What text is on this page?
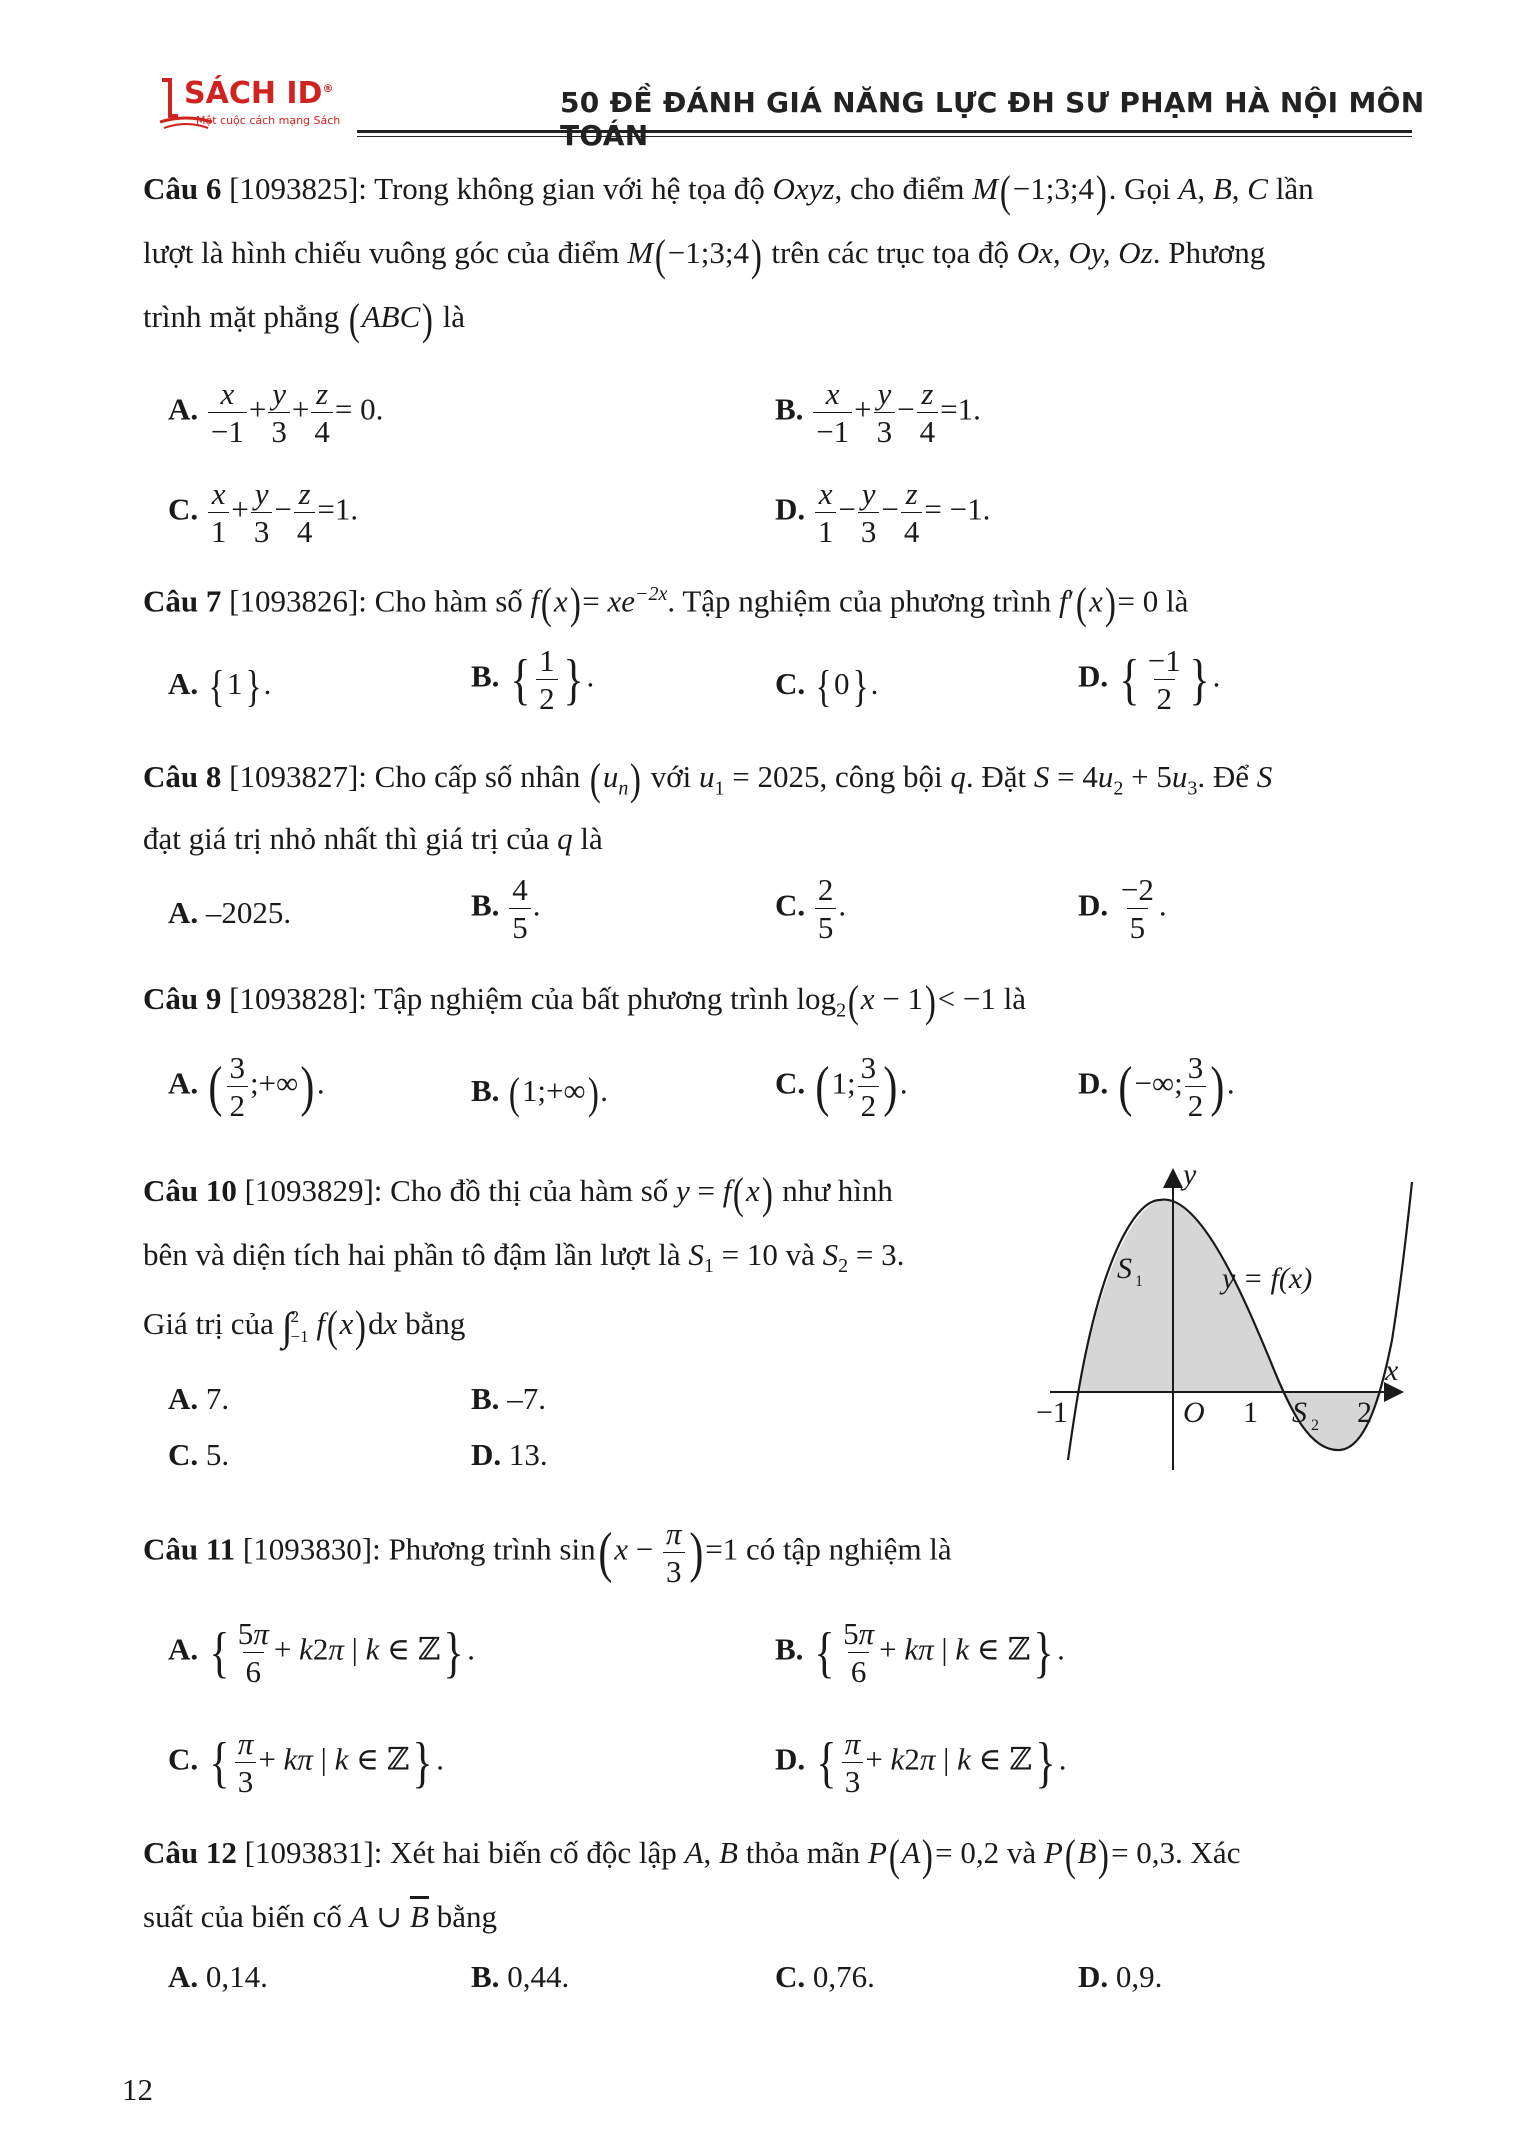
SÁCH ID®
Một cuộc cách mạng Sách
50 ĐỀ ĐÁNH GIÁ NĂNG LỰC ĐH SƯ PHẠM HÀ NỘI MÔN
Câu 6 [1093825]: Trong không gian với hệ tọa độ Oxyz, cho điểm M(−1;3;4). Gọi A, B, C lần
lượt là hình chiếu vuông góc của điểm M(−1;3;4) trên các trục tọa độ Ox, Oy, Oz. Phương
trình mặt phẳng (ABC) là
A. $\frac{x}{-1} + \frac{y}{3} + \frac{z}{4} = 0$.	B. $\frac{x}{-1} + \frac{y}{3} - \frac{z}{4} =1$.
C. $\frac{x}{1} + \frac{y}{3} - \frac{z}{4} =1$.	D. $\frac{x}{1} - \frac{y}{3} - \frac{z}{4} = -1$.
Câu 7 [1093826]: Cho hàm số $f(x)= xe^{-2x}$. Tập nghiệm của phương trình f′(x)= 0 là
A. {1}.	B. { $\frac{1}{2}$ } .	C. {0}.	D. { $\frac{-1}{2}$ } .
Câu 8 [1093827]: Cho cấp số nhân $(u_n)$ với $u_1 = 2025$, công bội q. Đặt $S = 4u_2 + 5u_3$. Để S
đạt giá trị nhỏ nhất thì giá trị của q là
A. –2025.	B. $\frac{4}{5}$ .	C. $\frac{2}{5}$ .	D. $\frac{-2}{5}$ .
Câu 9 [1093828]: Tập nghiệm của bất phương trình $\log_2(x - 1)< -1$ là
A. ( $\frac{3}{2}$ ;+∞).	B. (1;+∞).	C. (1; $\frac{3}{2}$ ).	D. (−∞; $\frac{3}{2}$ ).
Câu 10 [1093829]: Cho đồ thị của hàm số y = f(x) như hình
bên và diện tích hai phần tô đậm lần lượt là $S_1 = 10$ và $S_2 = 3$.
Giá trị của ∫
2
−1 f(x)dx bằng
A. 7.	B. –7.
C. 5.	D. 13.
y
x
O
−1	1	2
y = f(x)
S 1
S 2
Câu 11 [1093830]: Phương trình $\sin(x - \frac{\pi}{3} )=1$ có tập nghiệm là
A. { $\frac{5\pi}{6} + k2\pi$ | k ∈ ℤ} .	B. { $\frac{5\pi}{6} + k\pi$ | k ∈ ℤ} .
C. { $\frac{\pi}{3} + k\pi$ | k ∈ ℤ} .	D. { $\frac{\pi}{3} + k2\pi$ | k ∈ ℤ} .
Câu 12 [1093831]: Xét hai biến cố độc lập A, B thỏa mãn P(A)= 0,2 và P(B)= 0,3. Xác
suất của biến cố A ∪ $\overline{B}$ bằng
A. 0,14.	B. 0,44.	C. 0,76.	D. 0,9.
12
